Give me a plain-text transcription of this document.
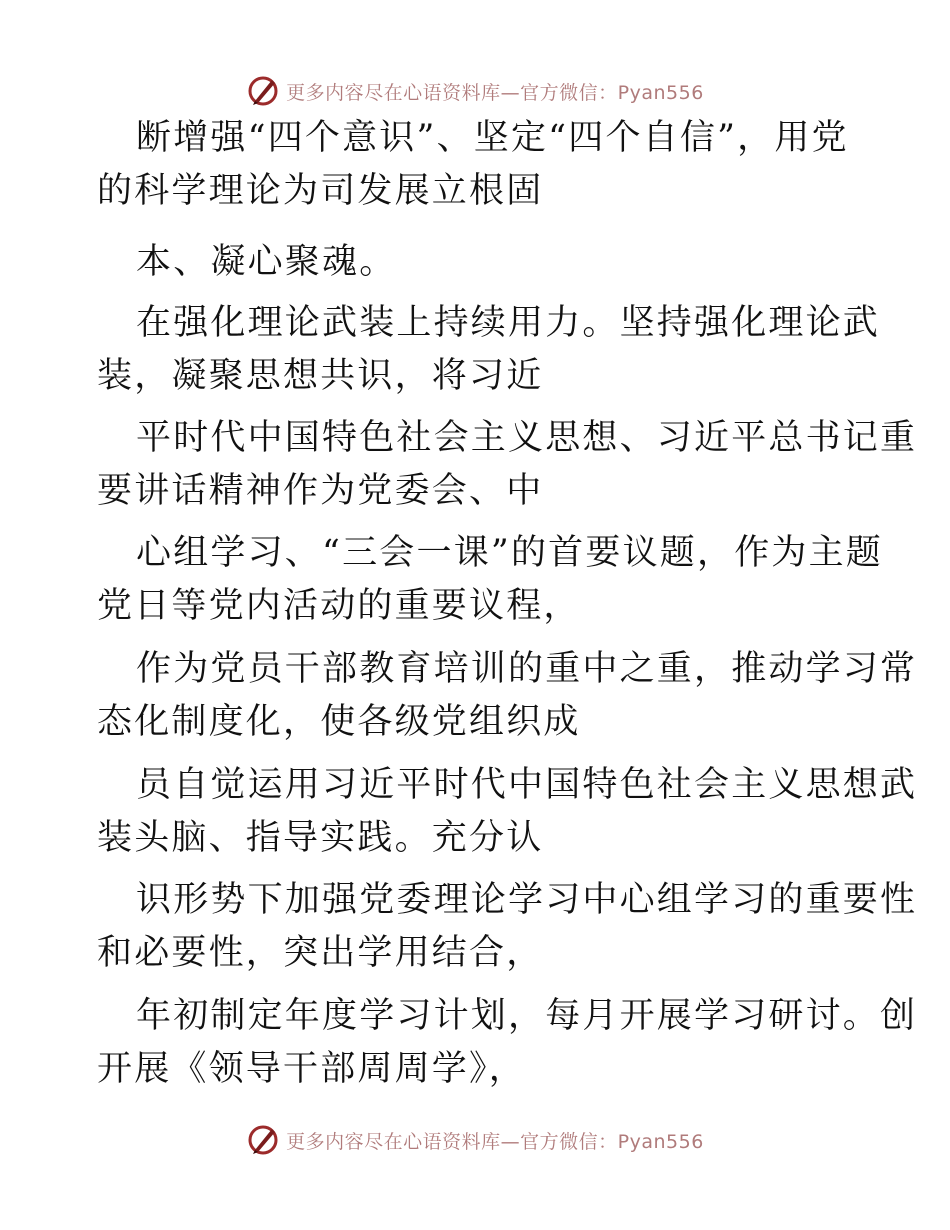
更多内容尽在心语资料库—官方微信：Pyan556
断增强“四个意识”、坚定“四个自信”，用党
的科学理论为司发展立根固
本、凝心聚魂。
在强化理论武装上持续用力。坚持强化理论武
装，凝聚思想共识，将习近
平时代中国特色社会主义思想、习近平总书记重
要讲话精神作为党委会、中
心组学习、“三会一课”的首要议题，作为主题
党日等党内活动的重要议程，
作为党员干部教育培训的重中之重，推动学习常
态化制度化，使各级党组织成
员自觉运用习近平时代中国特色社会主义思想武
装头脑、指导实践。充分认
识形势下加强党委理论学习中心组学习的重要性
和必要性，突出学用结合，
年初制定年度学习计划，每月开展学习研讨。创
开展《领导干部周周学》，
更多内容尽在心语资料库—官方微信：Pyan556
